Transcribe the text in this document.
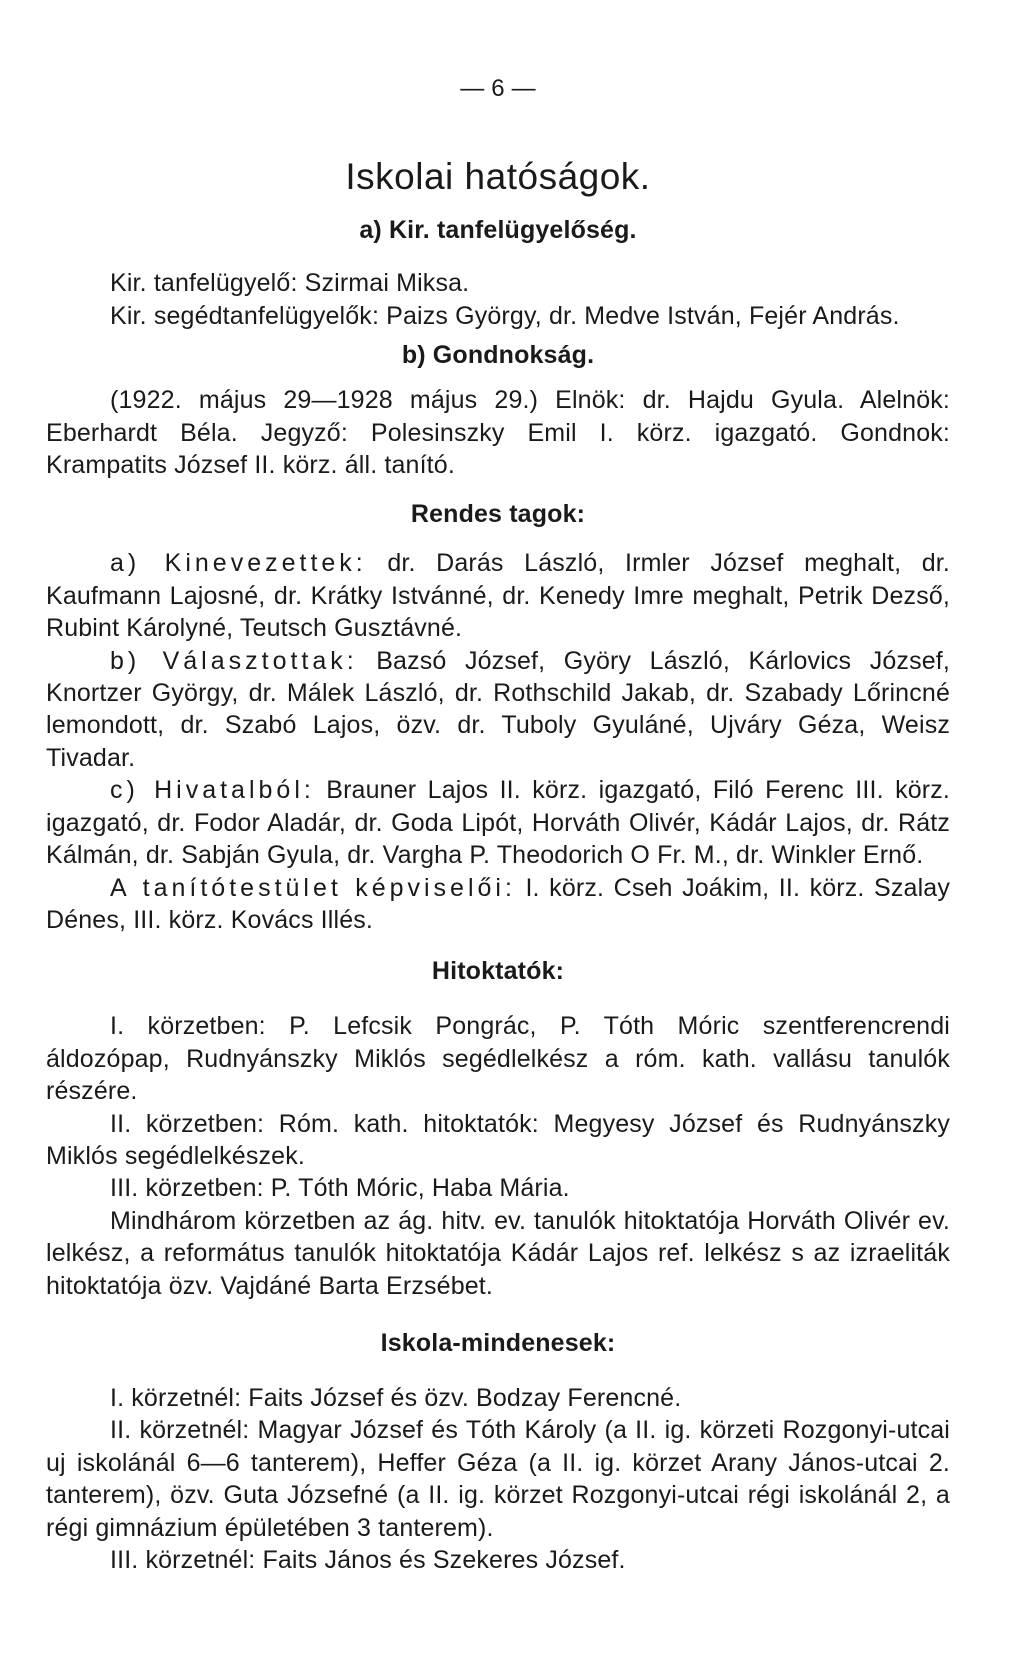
— 6 —
Iskolai hatóságok.
a) Kir. tanfelügyelőség.

Kir. tanfelügyelő: Szirmai Miksa.

Kir. segédtanfelügyelők: Paizs György, dr. Medve István, Fejér András.

b) Gondnokság.

(1922. május 29—1928 május 29.) Elnök: dr. Hajdu Gyula. Alelnök: Eberhardt Béla. Jegyző: Polesinszky Emil I. körz. igazgató. Gondnok: Krampatits József II. körz. áll. tanító.

Rendes tagok:

a) Kinevezettek: dr. Darás László, Irmler József meghalt, dr. Kaufmann Lajosné, dr. Krátky Istvánné, dr. Kenedy Imre meghalt, Petrik Dezső, Rubint Károlyné, Teutsch Gusztávné.

b) Választottak: Bazsó József, Györy László, Kárlovics József, Knortzer György, dr. Málek László, dr. Rothschild Jakab, dr. Szabady Lőrincné lemondott, dr. Szabó Lajos, özv. dr. Tuboly Gyuláné, Ujváry Géza, Weisz Tivadar.

c) Hivatalból: Brauner Lajos II. körz. igazgató, Filó Ferenc III. körz. igazgató, dr. Fodor Aladár, dr. Goda Lipót, Horváth Olivér, Kádár Lajos, dr. Rátz Kálmán, dr. Sabján Gyula, dr. Vargha P. Theodorich O Fr. M., dr. Winkler Ernő.

A tanítótestület képviselői: I. körz. Cseh Joákim, II. körz. Szalay Dénes, III. körz. Kovács Illés.

Hitoktatók:

I. körzetben: P. Lefcsik Pongrác, P. Tóth Móric szentferencrendi áldozópap, Rudnyánszky Miklós segédlelkész a róm. kath. vallásu tanulók részére.

II. körzetben: Róm. kath. hitoktatók: Megyesy József és Rudnyánszky Miklós segédlelkészek.

III. körzetben: P. Tóth Móric, Haba Mária.

Mindhárom körzetben az ág. hitv. ev. tanulók hitoktatója Horváth Olivér ev. lelkész, a református tanulók hitoktatója Kádár Lajos ref. lelkész s az izraeliták hitoktatója özv. Vajdáné Barta Erzsébet.

Iskola-mindenesek:

I. körzetnél: Faits József és özv. Bodzay Ferencné.

II. körzetnél: Magyar József és Tóth Károly (a II. ig. körzeti Rozgonyi-utcai uj iskolánál 6—6 tanterem), Heffer Géza (a II. ig. körzet Arany János-utcai 2. tanterem), özv. Guta Józsefné (a II. ig. körzet Rozgonyi-utcai régi iskolánál 2, a régi gimnázium épületében 3 tanterem).

III. körzetnél: Faits János és Szekeres József.
